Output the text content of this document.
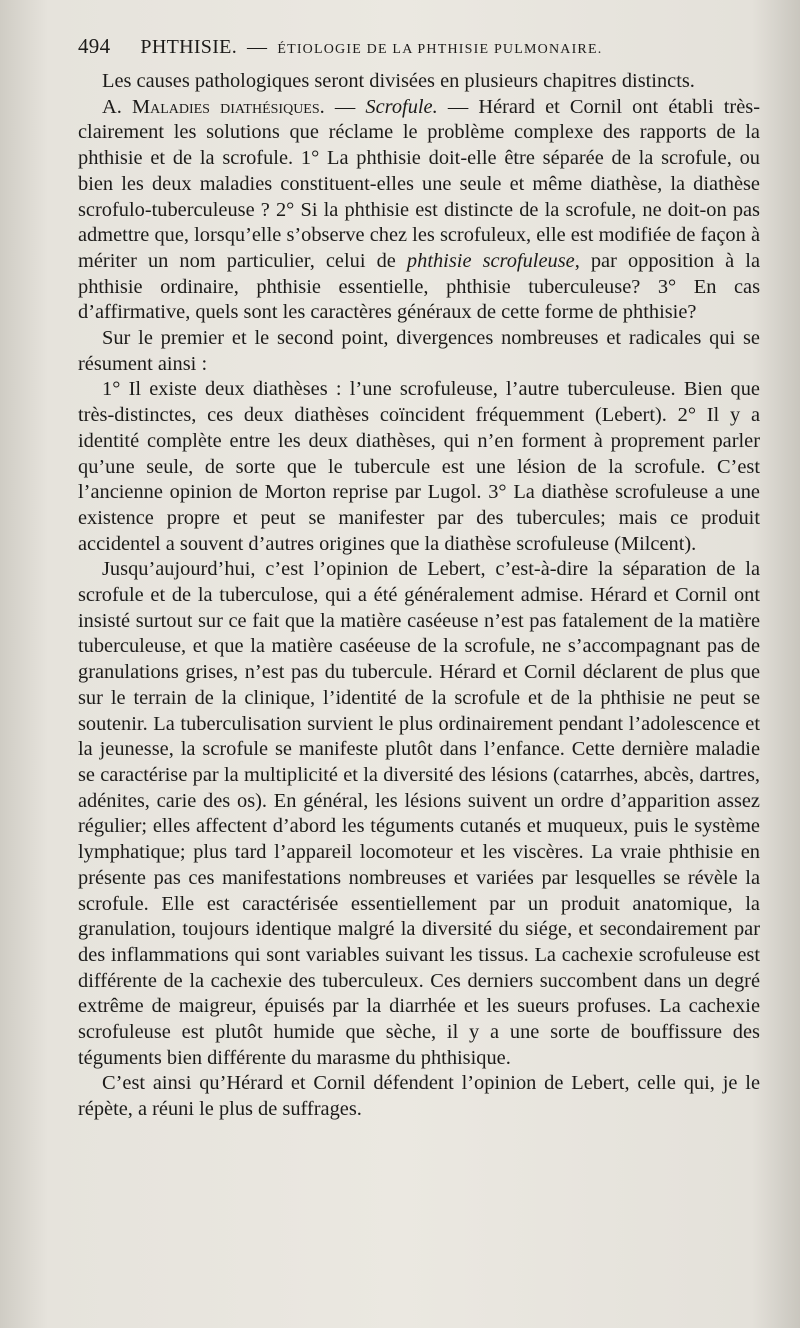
494 PHTHISIE. — ÉTIOLOGIE DE LA PHTHISIE PULMONAIRE.

Les causes pathologiques seront divisées en plusieurs chapitres distincts.

A. Maladies diathésiques. — Scrofule. — Hérard et Cornil ont établi très-clairement les solutions que réclame le problème complexe des rapports de la phthisie et de la scrofule. 1° La phthisie doit-elle être séparée de la scrofule, ou bien les deux maladies constituent-elles une seule et même diathèse, la diathèse scrofulo-tuberculeuse ? 2° Si la phthisie est distincte de la scrofule, ne doit-on pas admettre que, lorsqu’elle s’observe chez les scrofuleux, elle est modifiée de façon à mériter un nom particulier, celui de phthisie scrofuleuse, par opposition à la phthisie ordinaire, phthisie essentielle, phthisie tuberculeuse? 3° En cas d’affirmative, quels sont les caractères généraux de cette forme de phthisie?

Sur le premier et le second point, divergences nombreuses et radicales qui se résument ainsi :

1° Il existe deux diathèses : l’une scrofuleuse, l’autre tuberculeuse. Bien que très-distinctes, ces deux diathèses coïncident fréquemment (Lebert). 2° Il y a identité complète entre les deux diathèses, qui n’en forment à proprement parler qu’une seule, de sorte que le tubercule est une lésion de la scrofule. C’est l’ancienne opinion de Morton reprise par Lugol. 3° La diathèse scrofuleuse a une existence propre et peut se manifester par des tubercules; mais ce produit accidentel a souvent d’autres origines que la diathèse scrofuleuse (Milcent).

Jusqu’aujourd’hui, c’est l’opinion de Lebert, c’est-à-dire la séparation de la scrofule et de la tuberculose, qui a été généralement admise. Hérard et Cornil ont insisté surtout sur ce fait que la matière caséeuse n’est pas fatalement de la matière tuberculeuse, et que la matière caséeuse de la scrofule, ne s’accompagnant pas de granulations grises, n’est pas du tubercule. Hérard et Cornil déclarent de plus que sur le terrain de la clinique, l’identité de la scrofule et de la phthisie ne peut se soutenir. La tuberculisation survient le plus ordinairement pendant l’adolescence et la jeunesse, la scrofule se manifeste plutôt dans l’enfance. Cette dernière maladie se caractérise par la multiplicité et la diversité des lésions (catarrhes, abcès, dartres, adénites, carie des os). En général, les lésions suivent un ordre d’apparition assez régulier; elles affectent d’abord les téguments cutanés et muqueux, puis le système lymphatique; plus tard l’appareil locomoteur et les viscères. La vraie phthisie en présente pas ces manifestations nombreuses et variées par lesquelles se révèle la scrofule. Elle est caractérisée essentiellement par un produit anatomique, la granulation, toujours identique malgré la diversité du siége, et secondairement par des inflammations qui sont variables suivant les tissus. La cachexie scrofuleuse est différente de la cachexie des tuberculeux. Ces derniers succombent dans un degré extrême de maigreur, épuisés par la diarrhée et les sueurs profuses. La cachexie scrofuleuse est plutôt humide que sèche, il y a une sorte de bouffissure des téguments bien différente du marasme du phthisique.

C’est ainsi qu’Hérard et Cornil défendent l’opinion de Lebert, celle qui, je le répète, a réuni le plus de suffrages.
